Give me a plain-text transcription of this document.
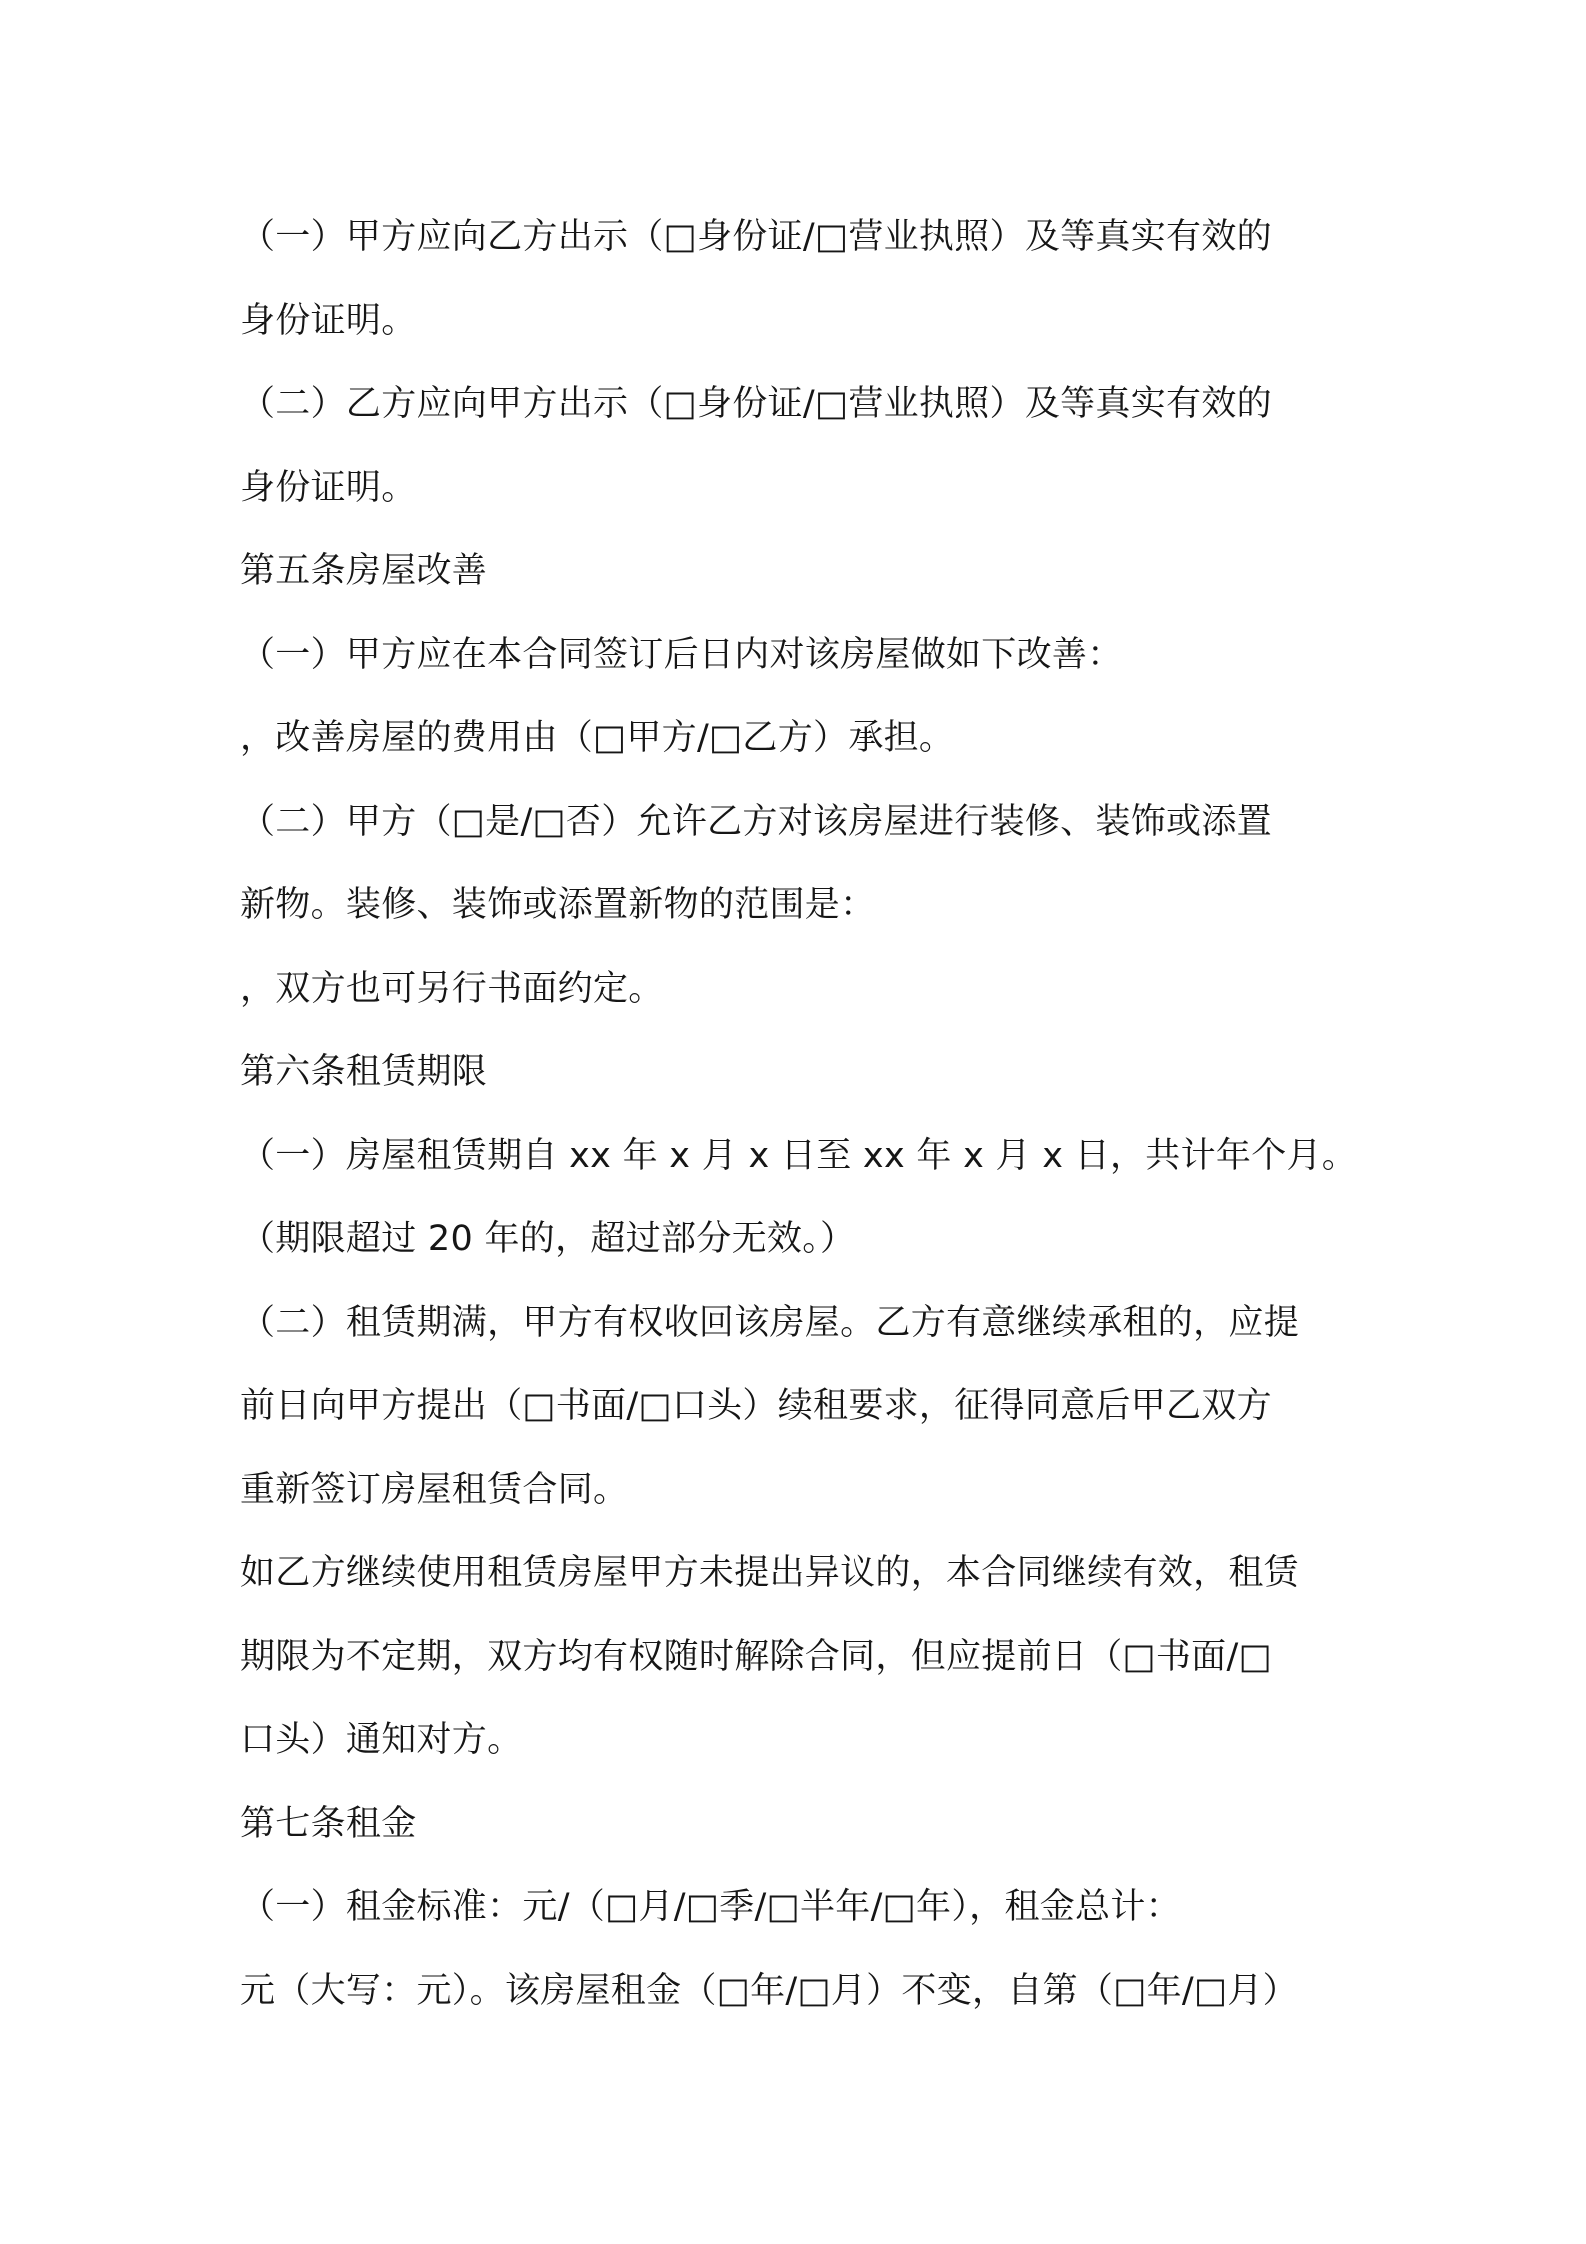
（一）甲方应向乙方出示（□身份证/□营业执照）及等真实有效的
身份证明。
（二）乙方应向甲方出示（□身份证/□营业执照）及等真实有效的
身份证明。
第五条房屋改善
（一）甲方应在本合同签订后日内对该房屋做如下改善：
，改善房屋的费用由（□甲方/□乙方）承担。
（二）甲方（□是/□否）允许乙方对该房屋进行装修、装饰或添置
新物。装修、装饰或添置新物的范围是：
，双方也可另行书面约定。
第六条租赁期限
（一）房屋租赁期自 xx 年 x 月 x 日至 xx 年 x 月 x 日，共计年个月。
（期限超过 20 年的，超过部分无效。）
（二）租赁期满，甲方有权收回该房屋。乙方有意继续承租的，应提
前日向甲方提出（□书面/□口头）续租要求，征得同意后甲乙双方
重新签订房屋租赁合同。
如乙方继续使用租赁房屋甲方未提出异议的，本合同继续有效，租赁
期限为不定期，双方均有权随时解除合同，但应提前日（□书面/□
口头）通知对方。
第七条租金
（一）租金标准：元/（□月/□季/□半年/□年），租金总计：
元（大写：元）。该房屋租金（□年/□月）不变，自第（□年/□月）
